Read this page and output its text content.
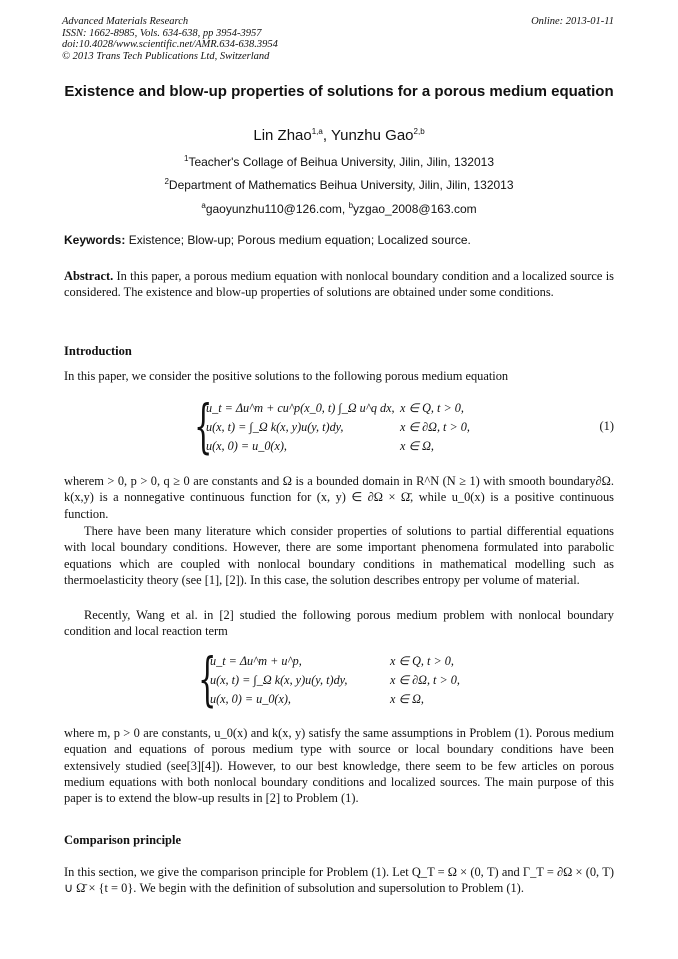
Advanced Materials Research
ISSN: 1662-8985, Vols. 634-638, pp 3954-3957
doi:10.4028/www.scientific.net/AMR.634-638.3954
© 2013 Trans Tech Publications Ltd, Switzerland
Online: 2013-01-11
Existence and blow-up properties of solutions for a porous medium equation
Lin Zhao$^{1,a}$, Yunzhu Gao$^{2,b}$
$^1$Teacher's Collage of Beihua University, Jilin, Jilin, 132013
$^2$Department of Mathematics Beihua University, Jilin, Jilin, 132013
$^a$gaoyunzhu110@126.com, $^b$yzgao_2008@163.com
Keywords: Existence; Blow-up; Porous medium equation; Localized source.
Abstract. In this paper, a porous medium equation with nonlocal boundary condition and a localized source is considered. The existence and blow-up properties of solutions are obtained under some conditions.
Introduction
In this paper, we consider the positive solutions to the following porous medium equation
{
u_t = Δu^m + cu^p(x_0, t) ∫_Ω u^q dx,
u(x, t) = ∫_Ω k(x, y)u(y, t)dy,
u(x, 0) = u_0(x),
x ∈ Q, t > 0,
x ∈ ∂Ω, t > 0,
x ∈ Ω,
(1)
wherem > 0, p > 0, q ≥ 0 are constants and Ω is a bounded domain in R^N (N ≥ 1) with smooth boundary∂Ω. k(x,y) is a nonnegative continuous function for (x, y) ∈ ∂Ω × Ω̄, while u_0(x) is a positive continuous function.
There have been many literature which consider properties of solutions to partial differential equations with local boundary conditions. However, there are some important phenomena formulated into parabolic equations which are coupled with nonlocal boundary conditions in mathematical modelling such as thermoelasticity theory (see [1], [2]). In this case, the solution describes entropy per volume of material.
Recently, Wang et al. in [2] studied the following porous medium problem with nonlocal boundary condition and local reaction term
{
u_t = Δu^m + u^p,
u(x, t) = ∫_Ω k(x, y)u(y, t)dy,
u(x, 0) = u_0(x),
x ∈ Q, t > 0,
x ∈ ∂Ω, t > 0,
x ∈ Ω,
where m, p > 0 are constants, u_0(x) and k(x, y) satisfy the same assumptions in Problem (1). Porous medium equation and equations of porous medium type with source or local boundary conditions have been extensively studied (see[3][4]). However, to our best knowledge, there seem to be few articles on porous medium equations with both nonlocal boundary conditions and localized sources. The main purpose of this paper is to extend the blow-up results in [2] to Problem (1).
Comparison principle
In this section, we give the comparison principle for Problem (1). Let Q_T = Ω × (0, T) and Γ_T = ∂Ω × (0, T) ∪ Ω̄ × {t = 0}. We begin with the definition of subsolution and supersolution to Problem (1).
